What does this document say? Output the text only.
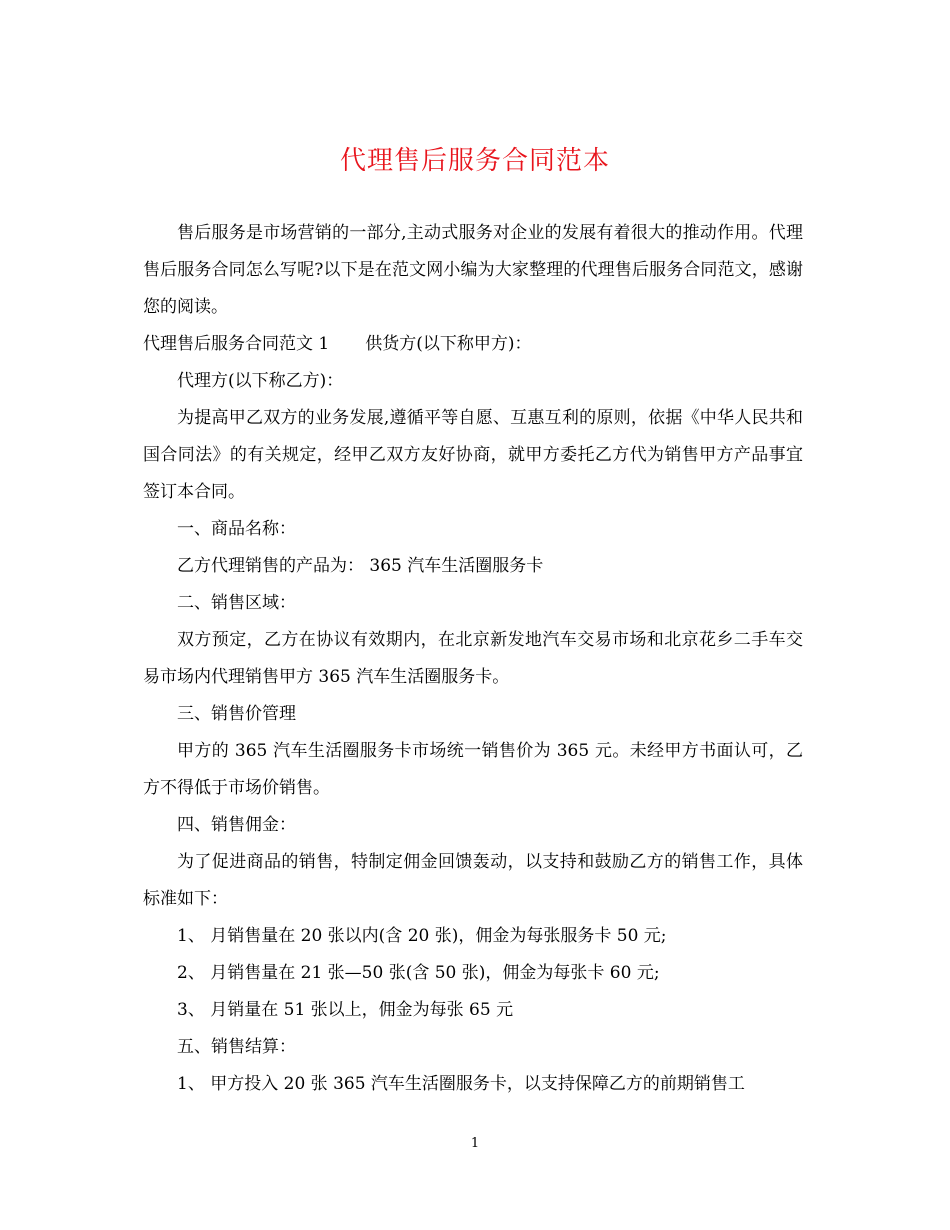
代理售后服务合同范本

售后服务是市场营销的一部分,主动式服务对企业的发展有着很大的推动作用。代理售后服务合同怎么写呢?以下是在范文网小编为大家整理的代理售后服务合同范文，感谢您的阅读。

代理售后服务合同范文 1 供货方(以下称甲方)：

代理方(以下称乙方)：

为提高甲乙双方的业务发展,遵循平等自愿、互惠互利的原则，依据《中华人民共和国合同法》的有关规定，经甲乙双方友好协商，就甲方委托乙方代为销售甲方产品事宜签订本合同。

一、商品名称：

乙方代理销售的产品为： 365 汽车生活圈服务卡

二、销售区域：

双方预定，乙方在协议有效期内，在北京新发地汽车交易市场和北京花乡二手车交易市场内代理销售甲方 365 汽车生活圈服务卡。

三、销售价管理

甲方的 365 汽车生活圈服务卡市场统一销售价为 365 元。未经甲方书面认可，乙方不得低于市场价销售。

四、销售佣金：

为了促进商品的销售，特制定佣金回馈轰动，以支持和鼓励乙方的销售工作，具体标准如下：

1、 月销售量在 20 张以内(含 20 张)，佣金为每张服务卡 50 元;

2、 月销售量在 21 张—50 张(含 50 张)，佣金为每张卡 60 元;

3、 月销量在 51 张以上，佣金为每张 65 元

五、销售结算：

1、 甲方投入 20 张 365 汽车生活圈服务卡，以支持保障乙方的前期销售工

1
